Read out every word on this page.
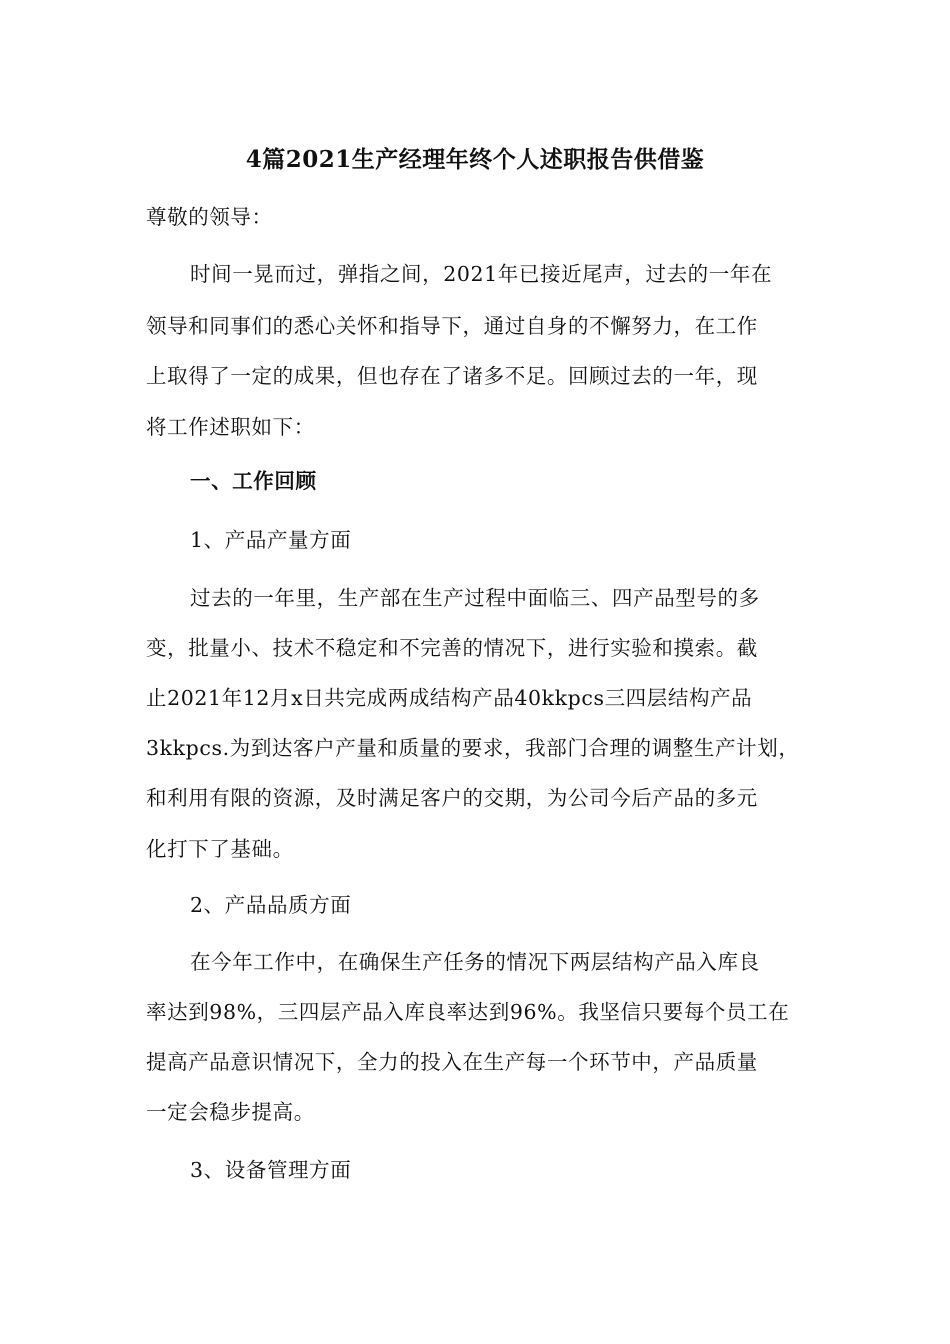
4篇2021生产经理年终个人述职报告供借鉴

尊敬的领导：

时间一晃而过，弹指之间，2021年已接近尾声，过去的一年在

领导和同事们的悉心关怀和指导下，通过自身的不懈努力，在工作

上取得了一定的成果，但也存在了诸多不足。回顾过去的一年，现

将工作述职如下：

一、工作回顾

1、产品产量方面

过去的一年里，生产部在生产过程中面临三、四产品型号的多

变，批量小、技术不稳定和不完善的情况下，进行实验和摸索。截

止2021年12月x日共完成两成结构产品40kkpcs三四层结构产品

3kkpcs.为到达客户产量和质量的要求，我部门合理的调整生产计划，

和利用有限的资源，及时满足客户的交期，为公司今后产品的多元

化打下了基础。

2、产品品质方面

在今年工作中，在确保生产任务的情况下两层结构产品入库良

率达到98%，三四层产品入库良率达到96%。我坚信只要每个员工在

提高产品意识情况下，全力的投入在生产每一个环节中，产品质量

一定会稳步提高。

3、设备管理方面
